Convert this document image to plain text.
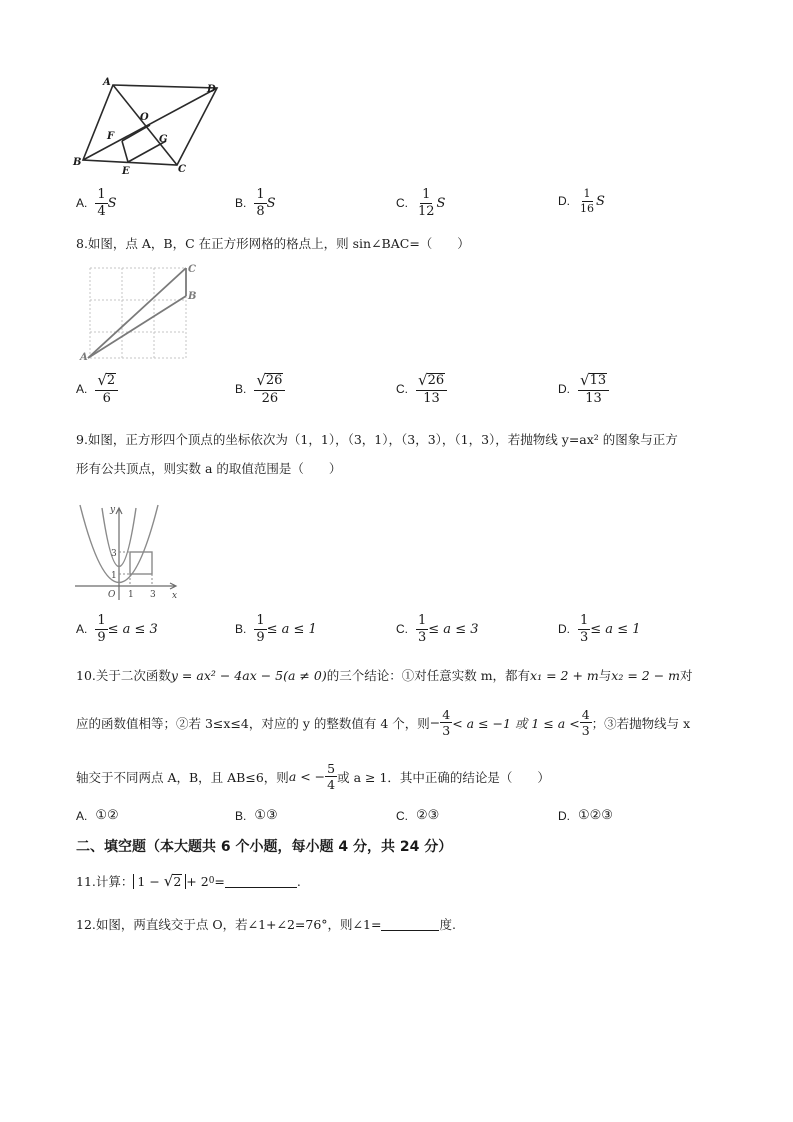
A
D
O
F	G
B
E	C
A. $\frac{1}{4}$ S	B. $\frac{1}{8}$ S	C. $\frac{1}{12}$ S	D. $\frac{1}{16}$ S
8.如图，点 A，B，C 在正方形网格的格点上，则 sin∠BAC=（　　）
C
B
A
A. $\frac{√ 2}{6}$	B. $\frac{√ 26}{26}$	C. $\frac{√ 26}{13}$	D. $\frac{√ 13}{13}$
9.如图，正方形四个顶点的坐标依次为（1，1），（3，1），（3，3），（1，3），若抛物线 y=ax² 的图象与正方
形有公共顶点，则实数 a 的取值范围是（　　）
y
x
O 1 3
1
3
A. $\frac{1}{9} \le a \le 3$	B. $\frac{1}{9} \le a \le 1$	C. $\frac{1}{3} \le a \le 3$	D. $\frac{1}{3} \le a \le 1$
10.关于二次函数 y = ax² − 4ax − 5(a ≠ 0) 的三个结论：①对任意实数 m，都有 x₁ = 2 + m 与 x₂ = 2 − m 对
应的函数值相等；②若 3≤x≤4，对应的 y 的整数值有 4 个，则 − $\frac{4}{3} < a \le -1$ 或 $1 \le a < \frac{4}{3}$ ；③若抛物线与 x
轴交于不同两点 A，B，且 AB≤6，则 a < − $\frac{5}{4}$ 或 a ≥ 1．其中正确的结论是（　　）
A. ①②	B. ①③	C. ②③	D. ①②③
二、填空题（本大题共 6 个小题，每小题 4 分，共 24 分）
11.计算： 1 − √ 2 + 2 0 =	.
12.如图，两直线交于点 O，若∠1+∠2=76°，则∠1=	度.
